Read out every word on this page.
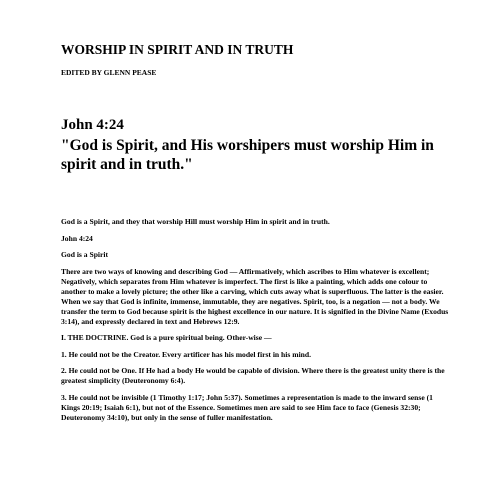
WORSHIP IN SPIRIT AND IN TRUTH
EDITED BY GLENN PEASE
John 4:24
"God is Spirit, and His worshipers must worship Him in spirit and in truth."

God is a Spirit, and they that worship Hill must worship Him in spirit and in truth.

John 4:24

God is a Spirit

There are two ways of knowing and describing God — Affirmatively, which ascribes to Him whatever is excellent; Negatively, which separates from Him whatever is imperfect. The first is like a painting, which adds one colour to another to make a lovely picture; the other like a carving, which cuts away what is superfluous. The latter is the easier. When we say that God is infinite, immense, immutable, they are negatives. Spirit, too, is a negation — not a body. We transfer the term to God because spirit is the highest excellence in our nature. It is signified in the Divine Name (Exodus 3:14), and expressly declared in text and Hebrews 12:9.

I. THE DOCTRINE. God is a pure spiritual being. Other-wise —

1. He could not be the Creator. Every artificer has his model first in his mind.

2. He could not be One. If He had a body He would be capable of division. Where there is the greatest unity there is the greatest simplicity (Deuteronomy 6:4).

3. He could not be invisible (1 Timothy 1:17; John 5:37). Sometimes a representation is made to the inward sense (1 Kings 20:19; Isaiah 6:1), but not of the Essence. Sometimes men are said to see Him face to face (Genesis 32:30; Deuteronomy 34:10), but only in the sense of fuller manifestation.
